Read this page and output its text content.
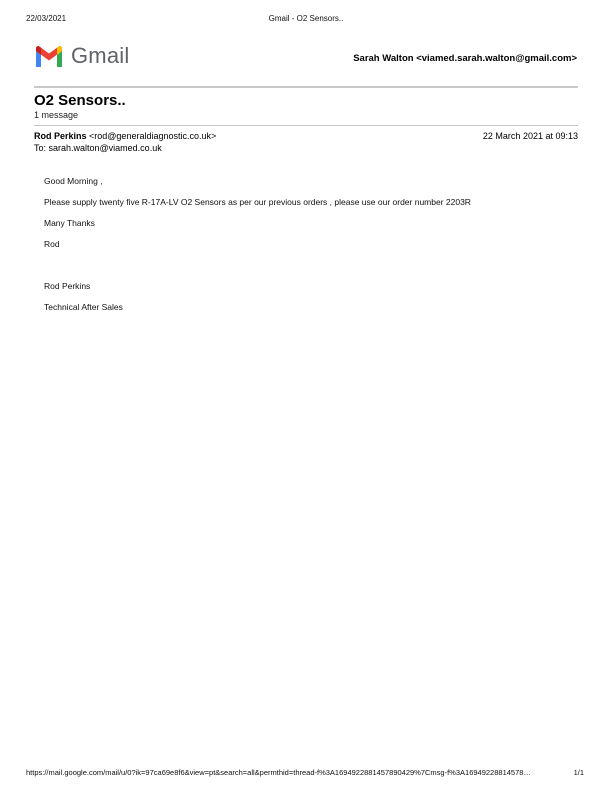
22/03/2021	Gmail - O2 Sensors..
Gmail	Sarah Walton <viamed.sarah.walton@gmail.com>
O2 Sensors..
1 message
Rod Perkins <rod@generaldiagnostic.co.uk>
To: sarah.walton@viamed.co.uk
22 March 2021 at 09:13
Good Morning ,
Please supply twenty five R-17A-LV O2 Sensors as per our previous orders , please use our order number 2203R
Many Thanks
Rod
Rod Perkins
Technical After Sales
https://mail.google.com/mail/u/0?ik=97ca69e8f6&view=pt&search=all&permthid=thread-f%3A1694922881457890429%7Cmsg-f%3A16949228814578…	1/1
